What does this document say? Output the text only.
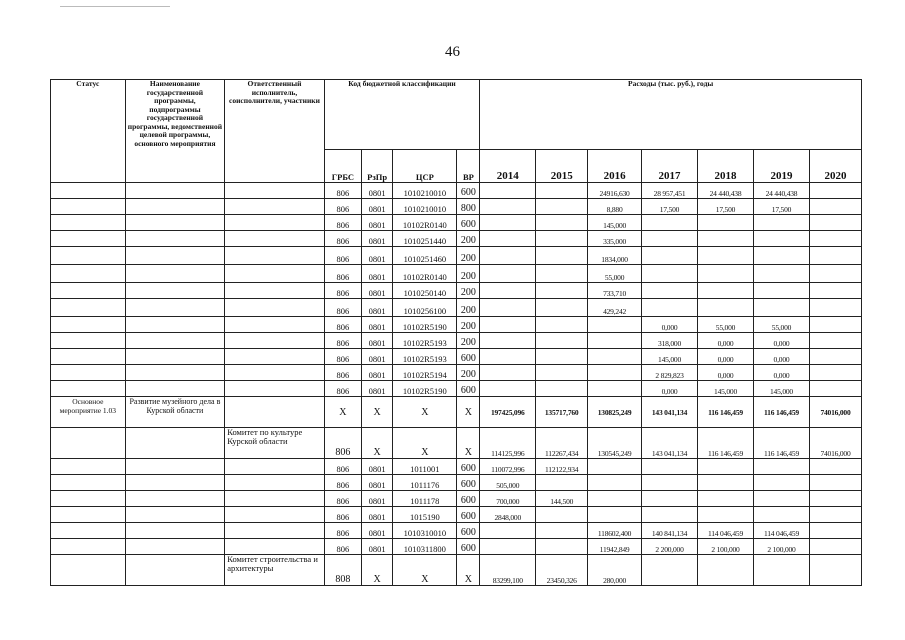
46
Статус	Наименование государственной программы, подпрограммы государственной программы, ведомственной целевой программы, основного мероприятия	Ответственный исполнитель, соисполнители, участники	Код бюджетной классификации				Расходы (тыс. руб.), годы						
			ГРБС	РзПр	ЦСР	ВР	2014	2015	2016	2017	2018	2019	2020
			806	0801	1010210010	600			24916,630	28 957,451	24 440,438	24 440,438	
			806	0801	1010210010	800			8,880	17,500	17,500	17,500	
			806	0801	10102R0140	600			145,000				
			806	0801	1010251440	200			335,000				
			806	0801	1010251460	200			1834,000				
			806	0801	10102R0140	200			55,000				
			806	0801	1010250140	200			733,710				
			806	0801	1010256100	200			429,242				
			806	0801	10102R5190	200				0,000	55,000	55,000	
			806	0801	10102R5193	200				318,000	0,000	0,000	
			806	0801	10102R5193	600				145,000	0,000	0,000	
			806	0801	10102R5194	200				2 829,823	0,000	0,000	
			806	0801	10102R5190	600				0,000	145,000	145,000	
Основное мероприятие 1.03	Развитие музейного дела в Курской области		X	X	X	X	197425,096	135717,760	130825,249	143 041,134	116 146,459	116 146,459	74016,000
		Комитет по культуре Курской области	806	X	X	X	114125,996	112267,434	130545,249	143 041,134	116 146,459	116 146,459	74016,000
			806	0801	1011001	600	110072,996	112122,934					
			806	0801	1011176	600	505,000						
			806	0801	1011178	600	700,000	144,500					
			806	0801	1015190	600	2848,000						
			806	0801	1010310010	600			118602,400	140 841,134	114 046,459	114 046,459	
			806	0801	1010311800	600			11942,849	2 200,000	2 100,000	2 100,000	
		Комитет строительства и архитектуры	808	X	X	X	83299,100	23450,326	280,000				
